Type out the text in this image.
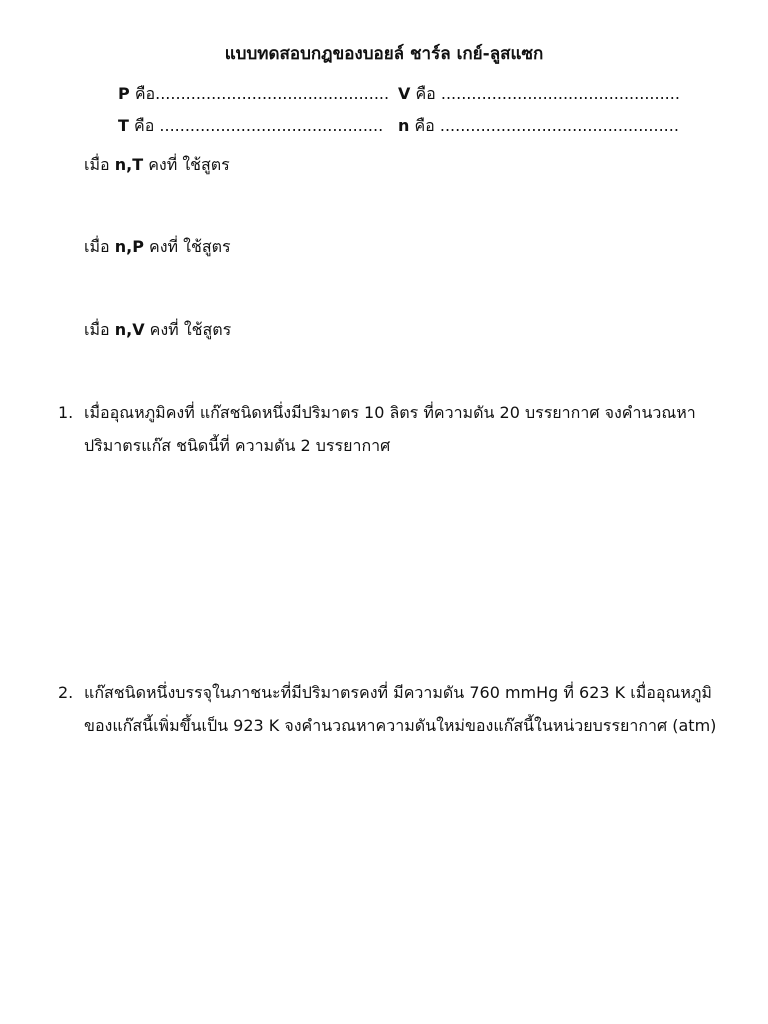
แบบทดสอบกฎของบอยล์ ชาร์ล เกย์-ลูสแซก
P คือ.............................................. V คือ ...............................................
T คือ ............................................ n คือ ...............................................
เมื่อ n,T คงที่ ใช้สูตร
เมื่อ n,P คงที่ ใช้สูตร
เมื่อ n,V คงที่ ใช้สูตร
1. เมื่ออุณหภูมิคงที่ แก๊สชนิดหนึ่งมีปริมาตร 10 ลิตร ที่ความดัน 20 บรรยากาศ จงคำนวณหา
ปริมาตรแก๊ส ชนิดนี้ที่ ความดัน 2 บรรยากาศ
2. แก๊สชนิดหนึ่งบรรจุในภาชนะที่มีปริมาตรคงที่ มีความดัน 760 mmHg ที่ 623 K เมื่ออุณหภูมิ
ของแก๊สนี้เพิ่มขึ้นเป็น 923 K จงคำนวณหาความดันใหม่ของแก๊สนี้ในหน่วยบรรยากาศ (atm)
